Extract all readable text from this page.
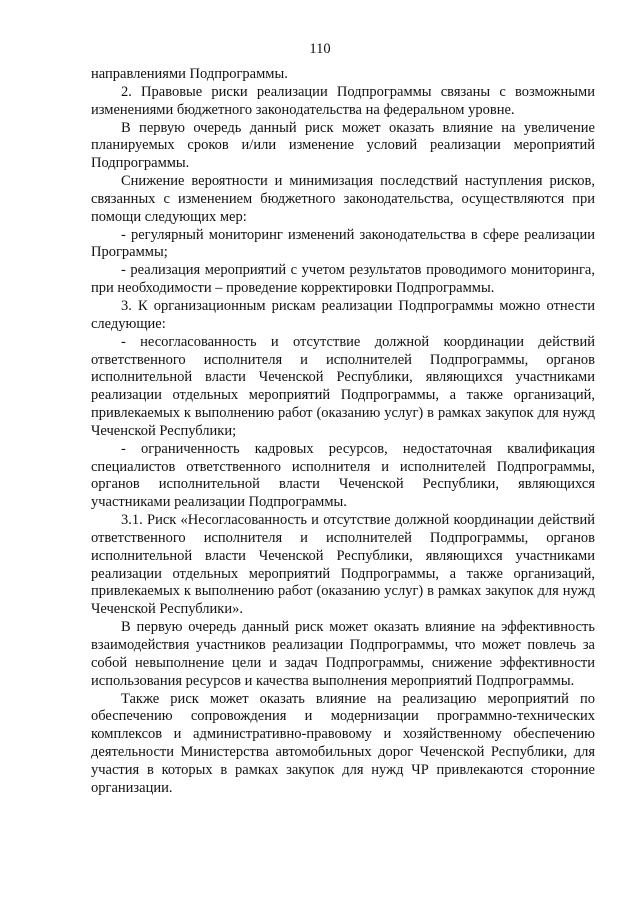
110

направлениями Подпрограммы.

2. Правовые риски реализации Подпрограммы связаны с возможными изменениями бюджетного законодательства на федеральном уровне.

В первую очередь данный риск может оказать влияние на увеличение планируемых сроков и/или изменение условий реализации мероприятий Подпрограммы.

Снижение вероятности и минимизация последствий наступления рисков, связанных с изменением бюджетного законодательства, осуществляются при помощи следующих мер:

- регулярный мониторинг изменений законодательства в сфере реализации Программы;

- реализация мероприятий с учетом результатов проводимого мониторинга, при необходимости – проведение корректировки Подпрограммы.

3. К организационным рискам реализации Подпрограммы можно отнести следующие:

- несогласованность и отсутствие должной координации действий ответственного исполнителя и исполнителей Подпрограммы, органов исполнительной власти Чеченской Республики, являющихся участниками реализации отдельных мероприятий Подпрограммы, а также организаций, привлекаемых к выполнению работ (оказанию услуг) в рамках закупок для нужд Чеченской Республики;

- ограниченность кадровых ресурсов, недостаточная квалификация специалистов ответственного исполнителя и исполнителей Подпрограммы, органов исполнительной власти Чеченской Республики, являющихся участниками реализации Подпрограммы.

3.1. Риск «Несогласованность и отсутствие должной координации действий ответственного исполнителя и исполнителей Подпрограммы, органов исполнительной власти Чеченской Республики, являющихся участниками реализации отдельных мероприятий Подпрограммы, а также организаций, привлекаемых к выполнению работ (оказанию услуг) в рамках закупок для нужд Чеченской Республики».

В первую очередь данный риск может оказать влияние на эффективность взаимодействия участников реализации Подпрограммы, что может повлечь за собой невыполнение цели и задач Подпрограммы, снижение эффективности использования ресурсов и качества выполнения мероприятий Подпрограммы.

Также риск может оказать влияние на реализацию мероприятий по обеспечению сопровождения и модернизации программно-технических комплексов и административно-правовому и хозяйственному обеспечению деятельности Министерства автомобильных дорог Чеченской Республики, для участия в которых в рамках закупок для нужд ЧР привлекаются сторонние организации.
